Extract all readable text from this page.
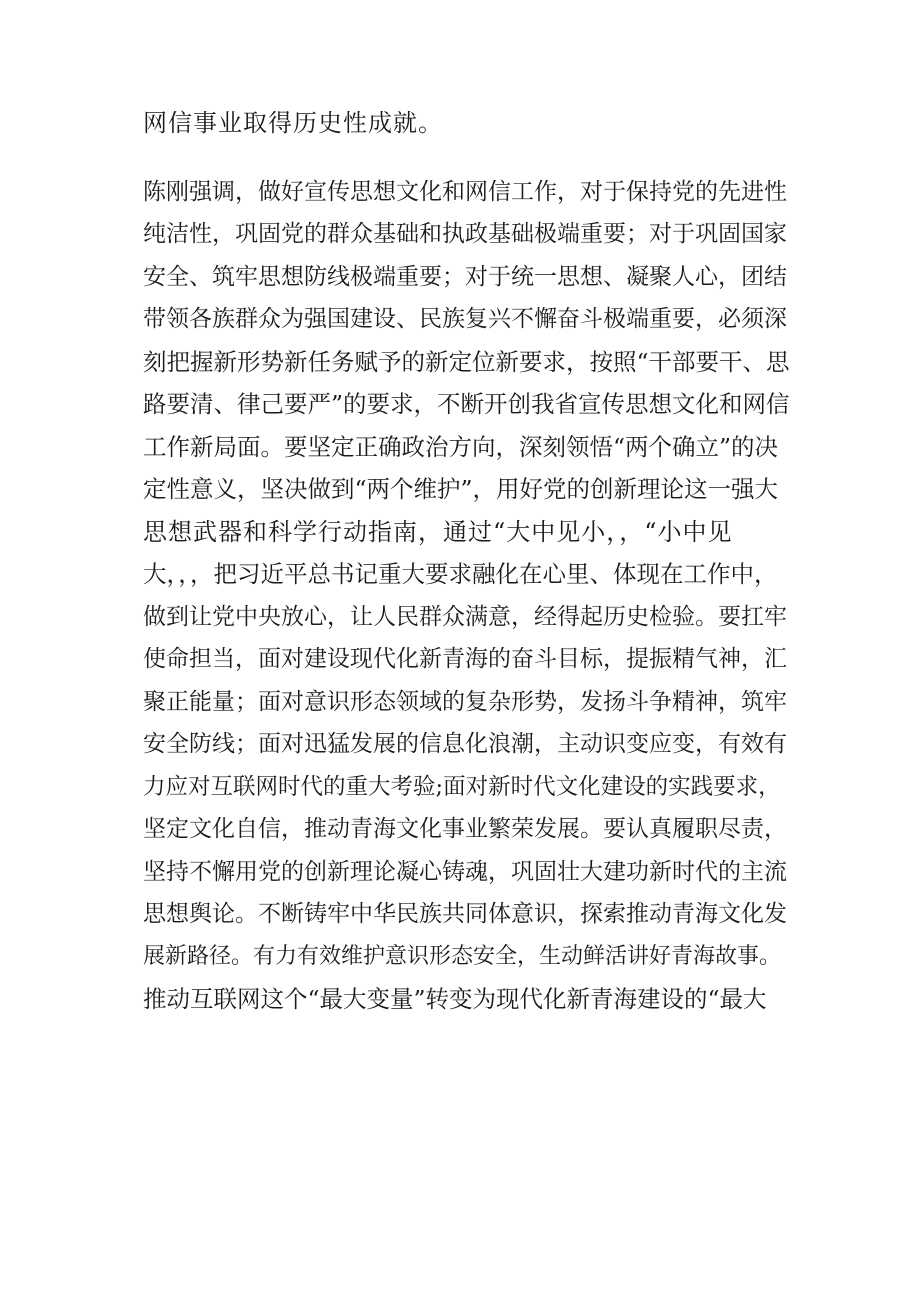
网信事业取得历史性成就。

陈刚强调，做好宣传思想文化和网信工作，对于保持党的先进性

纯洁性，巩固党的群众基础和执政基础极端重要；对于巩固国家

安全、筑牢思想防线极端重要；对于统一思想、凝聚人心，团结

带领各族群众为强国建设、民族复兴不懈奋斗极端重要，必须深

刻把握新形势新任务赋予的新定位新要求，按照“干部要干、思

路要清、律己要严”的要求，不断开创我省宣传思想文化和网信

工作新局面。要坚定正确政治方向，深刻领悟“两个确立”的决

定性意义，坚决做到“两个维护”，用好党的创新理论这一强大

思想武器和科学行动指南，通过“大中见小，，“小中见

大，，，把习近平总书记重大要求融化在心里、体现在工作中，

做到让党中央放心，让人民群众满意，经得起历史检验。要扛牢

使命担当，面对建设现代化新青海的奋斗目标，提振精气神，汇

聚正能量；面对意识形态领域的复杂形势，发扬斗争精神，筑牢

安全防线；面对迅猛发展的信息化浪潮，主动识变应变，有效有

力应对互联网时代的重大考验;面对新时代文化建设的实践要求，

坚定文化自信，推动青海文化事业繁荣发展。要认真履职尽责，

坚持不懈用党的创新理论凝心铸魂，巩固壮大建功新时代的主流

思想舆论。不断铸牢中华民族共同体意识，探索推动青海文化发

展新路径。有力有效维护意识形态安全，生动鲜活讲好青海故事。

推动互联网这个“最大变量”转变为现代化新青海建设的“最大
